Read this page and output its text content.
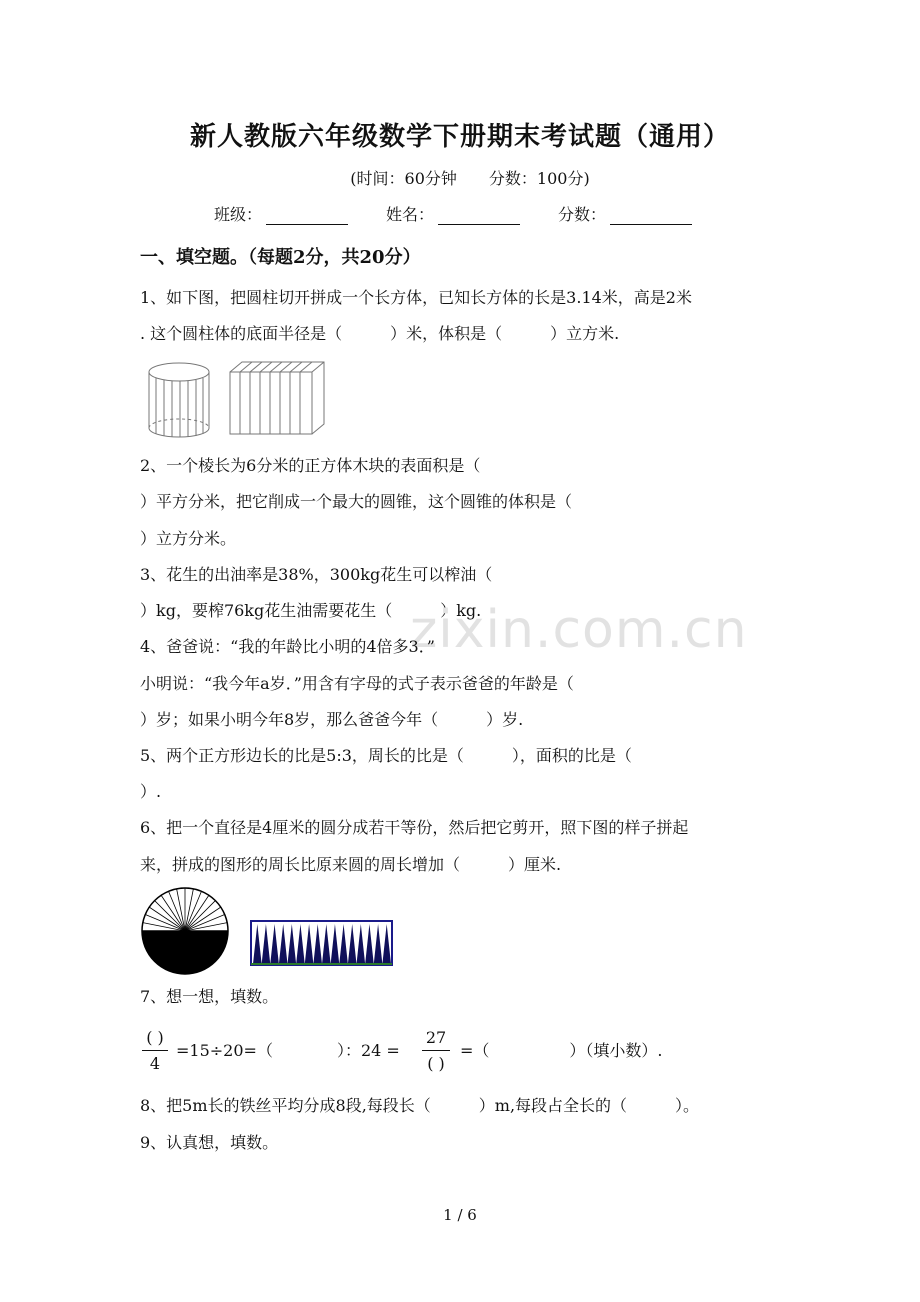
新人教版六年级数学下册期末考试题（通用）
(时间：60分钟　　分数：100分)
班级：	姓名：	分数：
一、填空题。（每题2分，共20分）
1、如下图，把圆柱切开拼成一个长方体，已知长方体的长是3.14米，高是2米
. 这个圆柱体的底面半径是（　　　）米，体积是（　　　）立方米.
2、一个棱长为6分米的正方体木块的表面积是（
）平方分米，把它削成一个最大的圆锥，这个圆锥的体积是（
）立方分米。
3、花生的出油率是38%，300kg花生可以榨油（
）kg，要榨76kg花生油需要花生（　　　）kg.
zixin.com.cn
4、爸爸说：“我的年龄比小明的4倍多3．”
小明说：“我今年a岁．”用含有字母的式子表示爸爸的年龄是（
）岁；如果小明今年8岁，那么爸爸今年（　　　）岁.
5、两个正方形边长的比是5:3，周长的比是（　　　），面积的比是（
）.
6、把一个直径是4厘米的圆分成若干等份，然后把它剪开，照下图的样子拼起
来，拼成的图形的周长比原来圆的周长增加（　　　）厘米.
7、想一想，填数。
( )
4
=15÷20=（　　　　）：24 =
27
( )
=（　　　　　）（填小数）.
8、把5m长的铁丝平均分成8段,每段长（　　　）m,每段占全长的（　　　）。
9、认真想，填数。
1 / 6
